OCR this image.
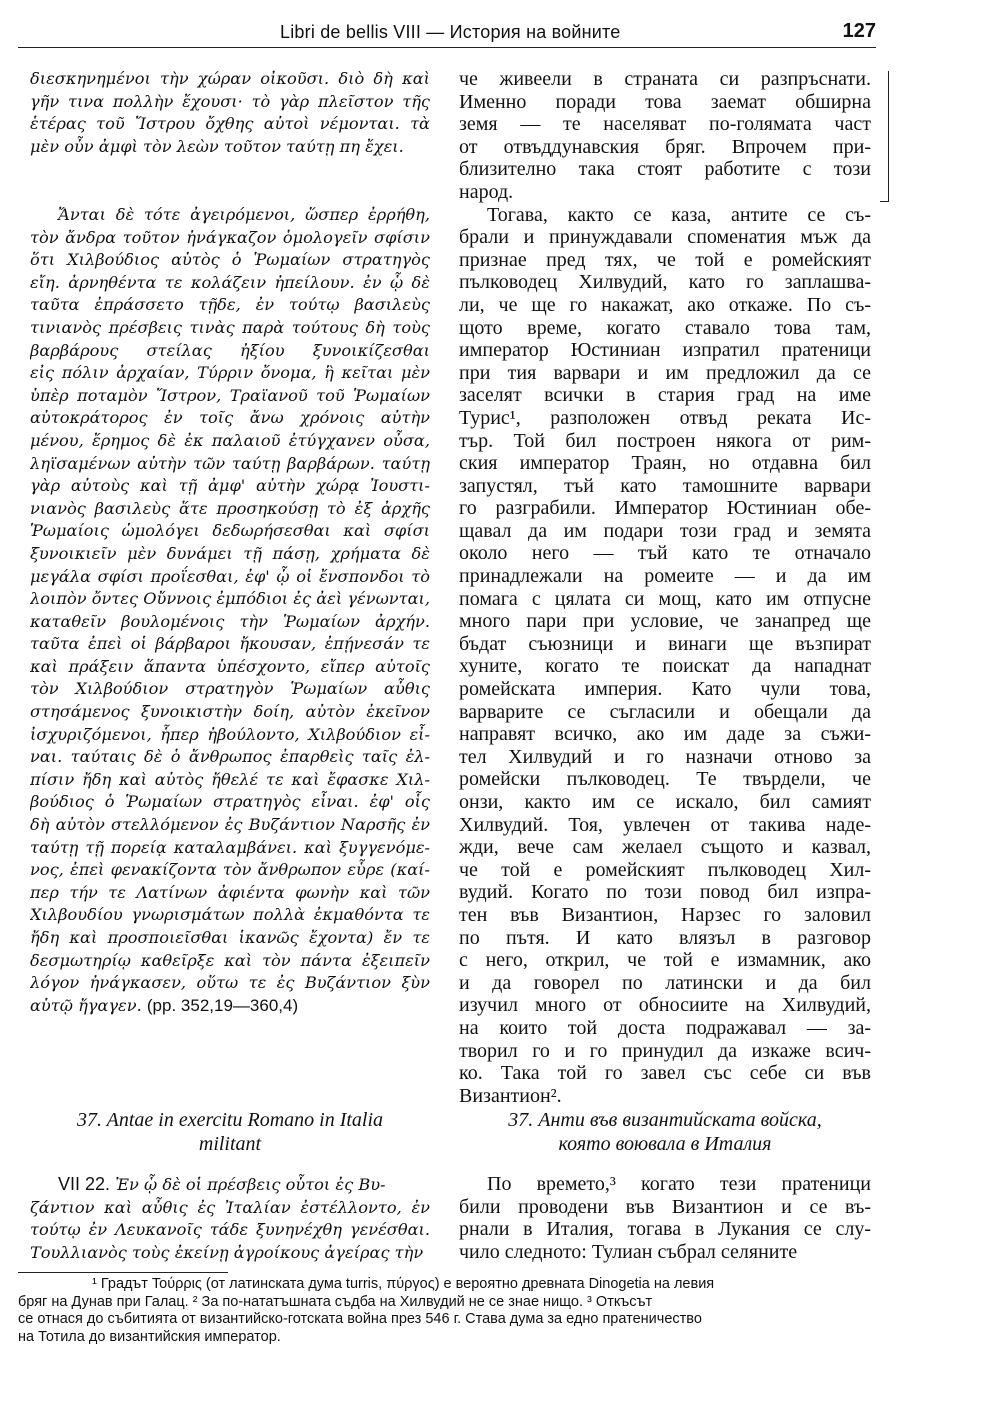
Libri de bellis VIII — История на войните	127
διεσκηνημένοι τὴν χώραν οἰκοῦσι. διὸ δὴ καὶ
γῆν τινα πολλὴν ἔχουσι· τὸ γὰρ πλεῖστον τῆς
ἑτέρας τοῦ Ἴστρου ὄχθης αὐτοὶ νέμονται. τὰ
μὲν οὖν ἀμφὶ τὸν λεὼν τοῦτον ταύτῃ πη ἔχει.
Ἄνται δὲ τότε ἀγειρόμενοι, ὥσπερ ἐρρήθη,
τὸν ἄνδρα τοῦτον ἠνάγκαζον ὁμολογεῖν σφίσιν
ὅτι Χιλβούδιος αὐτὸς ὁ Ῥωμαίων στρατηγὸς
εἴη. ἀρνηθέντα τε κολάζειν ἠπείλουν. ἐν ᾧ δὲ
ταῦτα ἐπράσσετο τῇδε, ἐν τούτῳ βασιλεὺς
τινιανὸς πρέσβεις τινὰς παρὰ τούτους δὴ τοὺς
βαρβάρους στείλας ἠξίου ξυνοικίζεσθαι
εἰς πόλιν ἀρχαίαν, Τύρριν ὄνομα, ἣ κεῖται μὲν
ὑπὲρ ποταμὸν Ἴστρον, Τραϊανοῦ τοῦ Ῥωμαίων
αὐτοκράτορος ἐν τοῖς ἄνω χρόνοις αὐτὴν
μένου, ἔρημος δὲ ἐκ παλαιοῦ ἐτύγχανεν οὖσα,
ληϊσαμένων αὐτὴν τῶν ταύτῃ βαρβάρων. ταύτῃ
γὰρ αὐτοὺς καὶ τῇ ἀμφ' αὐτὴν χώρᾳ Ἰουστι-
νιανὸς βασιλεὺς ἅτε προσηκούσῃ τὸ ἐξ ἀρχῆς
Ῥωμαίοις ὡμολόγει δεδωρήσεσθαι καὶ σφίσι
ξυνοικιεῖν μὲν δυνάμει τῇ πάσῃ, χρήματα δὲ
μεγάλα σφίσι προΐεσθαι, ἐφ' ᾧ οἱ ἔνσπονδοι τὸ
λοιπὸν ὄντες Οὔννοις ἐμπόδιοι ἐς ἀεὶ γένωνται,
καταθεῖν βουλομένοις τὴν Ῥωμαίων ἀρχήν.
ταῦτα ἐπεὶ οἱ βάρβαροι ἤκουσαν, ἐπῄνεσάν τε
καὶ πράξειν ἅπαντα ὑπέσχοντο, εἴπερ αὐτοῖς
τὸν Χιλβούδιον στρατηγὸν Ῥωμαίων αὖθις
στησάμενος ξυνοικιστὴν δοίη, αὐτὸν ἐκεῖνον
ἰσχυριζόμενοι, ἧπερ ἠβούλοντο, Χιλβούδιον εἶ-
ναι. ταύταις δὲ ὁ ἄνθρωπος ἐπαρθεὶς ταῖς ἐλ-
πίσιν ἤδη καὶ αὐτὸς ἤθελέ τε καὶ ἔφασκε Χιλ-
βούδιος ὁ Ῥωμαίων στρατηγὸς εἶναι. ἐφ' οἷς
δὴ αὐτὸν στελλόμενον ἐς Βυζάντιον Ναρσῆς ἐν
ταύτῃ τῇ πορείᾳ καταλαμβάνει. καὶ ξυγγενόμε-
νος, ἐπεὶ φενακίζοντα τὸν ἄνθρωπον εὗρε (καί-
περ τήν τε Λατίνων ἀφιέντα φωνὴν καὶ τῶν
Χιλβουδίου γνωρισμάτων πολλὰ ἐκμαθόντα τε
ἤδη καὶ προσποιεῖσθαι ἱκανῶς ἔχοντα) ἔν τε
δεσμωτηρίῳ καθεῖρξε καὶ τὸν πάντα ἐξειπεῖν
λόγον ἠνάγκασεν, οὕτω τε ἐς Βυζάντιον ξὺν
αὑτῷ ἤγαγεν. (pp. 352,19—360,4)
че живеели в страната си разпръснати.
Именно поради това заемат обширна
земя — те населяват по-голямата част
от отвъддунавския бряг. Впрочем при-
близително така стоят работите с този
народ.
Тогава, както се каза, антите се съ-
брали и принуждавали споменатия мъж да
признае пред тях, че той е ромейският
пълководец Хилвудий, като го заплашва-
ли, че ще го накажат, ако откаже. По съ-
щото време, когато ставало това там,
император Юстиниан изпратил пратеници
при тия варвари и им предложил да се
заселят всички в стария град на име
Турис¹, разположен отвъд реката Ис-
тър. Той бил построен някога от рим-
ския император Траян, но отдавна бил
запустял, тъй като тамошните варвари
го разграбили. Император Юстиниан обе-
щавал да им подари този град и земята
около него — тъй като те отначало
принадлежали на ромеите — и да им
помага с цялата си мощ, като им отпусне
много пари при условие, че занапред ще
бъдат съюзници и винаги ще възпират
хуните, когато те поискат да нападнат
ромейската империя. Като чули това,
варварите се съгласили и обещали да
направят всичко, ако им даде за съжи-
тел Хилвудий и го назначи отново за
ромейски пълководец. Те твърдели, че
онзи, както им се искало, бил самият
Хилвудий. Тоя, увлечен от такива наде-
жди, вече сам желаел същото и казвал,
че той е ромейският пълководец Хил-
вудий. Когато по този повод бил изпра-
тен във Византион, Нарзес го заловил
по пътя. И като влязъл в разговор
с него, открил, че той е измамник, ако
и да говорел по латински и да бил
изучил много от обносиите на Хилвудий,
на които той доста подражавал — за-
творил го и го принудил да изкаже всич-
ко. Така той го завел със себе си във
Византион².
37. Antae in exercitu Romano in Italia
militant
37. Анти във византийската войска,
която воювала в Италия
VII 22. Ἐν ᾧ δὲ οἱ πρέσβεις οὗτοι ἐς Βυ-
ζάντιον καὶ αὖθις ἐς Ἰταλίαν ἐστέλλοντο, ἐν
τούτῳ ἐν Λευκανοῖς τάδε ξυνηνέχθη γενέσθαι.
Τουλλιανὸς τοὺς ἐκείνῃ ἀγροίκους ἀγείρας τὴν
По времето,³ когато тези пратеници
били проводени във Византион и се въ-
рнали в Италия, тогава в Лукания се слу-
чило следното: Тулиан събрал селяните
¹ Градът Τούρρις (от латинската дума turris, πύργος) е вероятно древната Dinogetia на левия
бряг на Дунав при Галац. ² За по-нататъшната съдба на Хилвудий не се знае нищо. ³ Откъсът
се отнася до събитията от византийско-готската война през 546 г. Става дума за едно пратеничество
на Тотила до византийския император.
